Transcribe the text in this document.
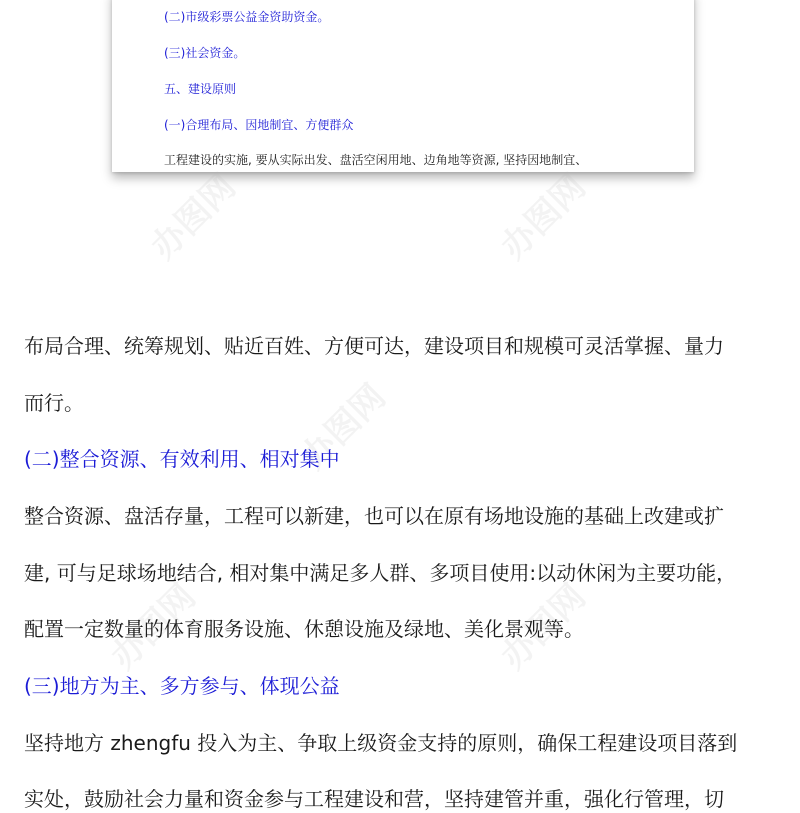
(二)市级彩票公益金资助资金。
(三)社会资金。
五、建设原则
(一)合理布局、因地制宜、方便群众
工程建设的实施, 要从实际出发、盘活空闲用地、边角地等资源, 坚持因地制宜、
办图网	办图网
办图网
办图网	办图网
布局合理、统筹规划、贴近百姓、方便可达，建设项目和规模可灵活掌握、量力
而行。
(二)整合资源、有效利用、相对集中
整合资源、盘活存量，工程可以新建，也可以在原有场地设施的基础上改建或扩
建, 可与足球场地结合, 相对集中满足多人群、多项目使用:以动休闲为主要功能，
配置一定数量的体育服务设施、休憩设施及绿地、美化景观等。
(三)地方为主、多方参与、体现公益
坚持地方 zhengfu 投入为主、争取上级资金支持的原则，确保工程建设项目落到
实处，鼓励社会力量和资金参与工程建设和营，坚持建管并重，强化行管理，切
